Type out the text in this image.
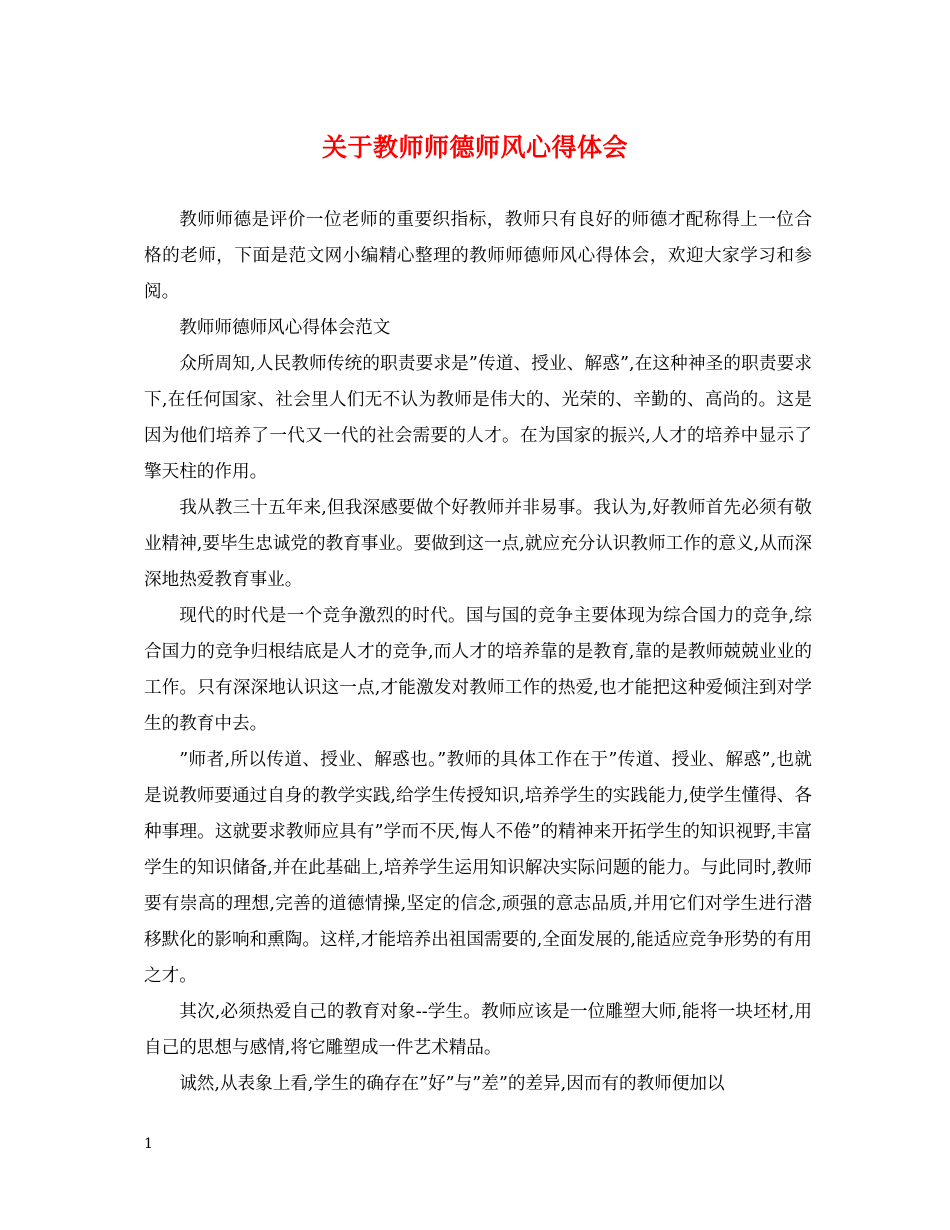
关于教师师德师风心得体会

教师师德是评价一位老师的重要织指标，教师只有良好的师德才配称得上一位合格的老师，下面是范文网小编精心整理的教师师德师风心得体会，欢迎大家学习和参阅。

教师师德师风心得体会范文

众所周知,人民教师传统的职责要求是”传道、授业、解惑”,在这种神圣的职责要求下,在任何国家、社会里人们无不认为教师是伟大的、光荣的、辛勤的、高尚的。这是因为他们培养了一代又一代的社会需要的人才。在为国家的振兴,人才的培养中显示了擎天柱的作用。

我从教三十五年来,但我深感要做个好教师并非易事。我认为,好教师首先必须有敬业精神,要毕生忠诚党的教育事业。要做到这一点,就应充分认识教师工作的意义,从而深深地热爱教育事业。

现代的时代是一个竞争激烈的时代。国与国的竞争主要体现为综合国力的竞争,综合国力的竞争归根结底是人才的竞争,而人才的培养靠的是教育,靠的是教师兢兢业业的工作。只有深深地认识这一点,才能激发对教师工作的热爱,也才能把这种爱倾注到对学生的教育中去。

”师者,所以传道、授业、解惑也。”教师的具体工作在于”传道、授业、解惑”,也就是说教师要通过自身的教学实践,给学生传授知识,培养学生的实践能力,使学生懂得、各种事理。这就要求教师应具有”学而不厌,悔人不倦”的精神来开拓学生的知识视野,丰富学生的知识储备,并在此基础上,培养学生运用知识解决实际问题的能力。与此同时,教师要有崇高的理想,完善的道德情操,坚定的信念,顽强的意志品质,并用它们对学生进行潜移默化的影响和熏陶。这样,才能培养出祖国需要的,全面发展的,能适应竞争形势的有用之才。

其次,必须热爱自己的教育对象--学生。教师应该是一位雕塑大师,能将一块坯材,用自己的思想与感情,将它雕塑成一件艺术精品。

诚然,从表象上看,学生的确存在”好”与”差”的差异,因而有的教师便加以

1
